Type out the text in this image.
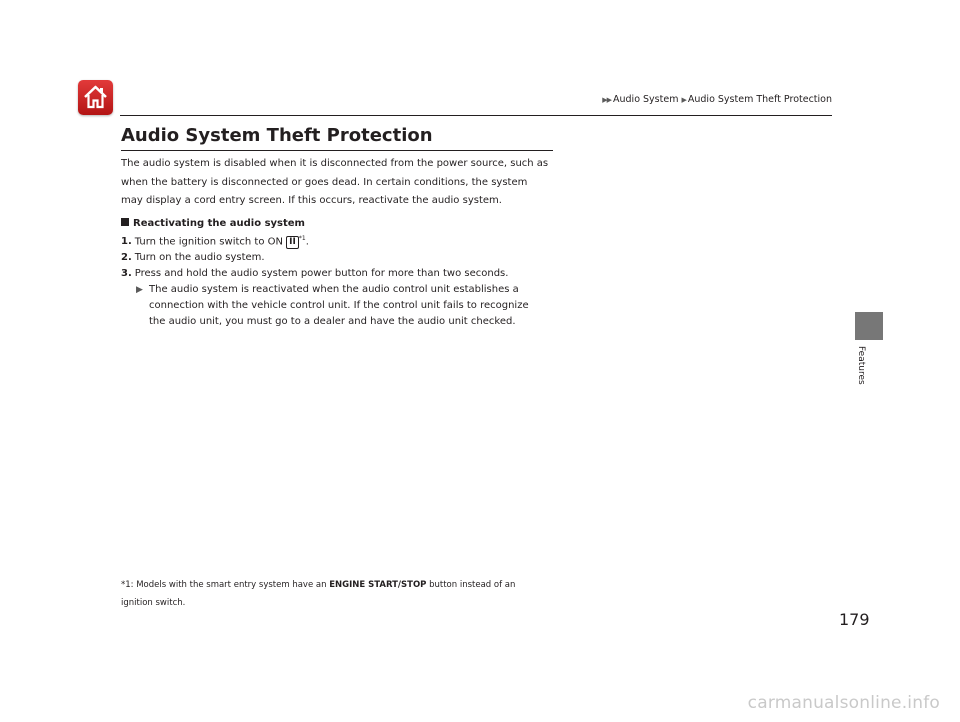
▶▶ Audio System ▶ Audio System Theft Protection
Audio System Theft Protection
The audio system is disabled when it is disconnected from the power source, such as
when the battery is disconnected or goes dead. In certain conditions, the system
may display a cord entry screen. If this occurs, reactivate the audio system.
Reactivating the audio system
1. Turn the ignition switch to ON II $^{*1}$.
2. Turn on the audio system.
3. Press and hold the audio system power button for more than two seconds.
▶ The audio system is reactivated when the audio control unit establishes a
connection with the vehicle control unit. If the control unit fails to recognize
the audio unit, you must go to a dealer and have the audio unit checked.
*1: Models with the smart entry system have an ENGINE START/STOP button instead of an
ignition switch.
Features
179
carmanualsonline.info
